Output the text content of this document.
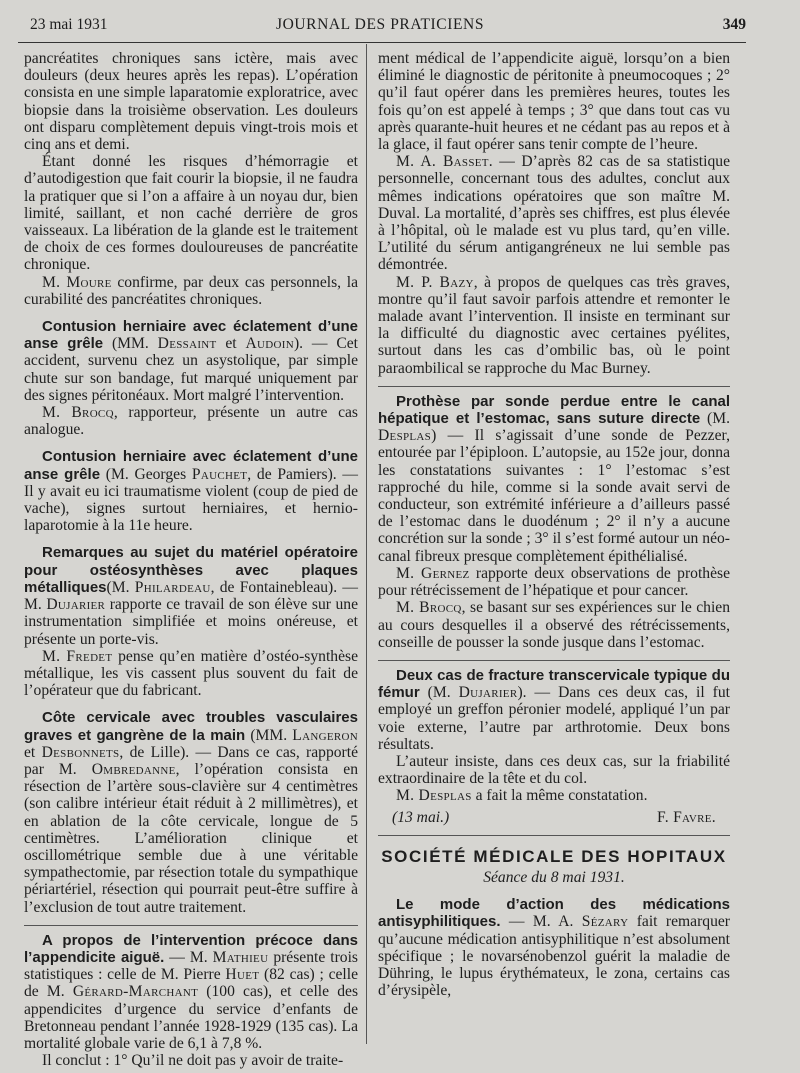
23 mai 1931	JOURNAL DES PRATICIENS	349

pancréatites chroniques sans ictère, mais avec douleurs (deux heures après les repas). L’opération consista en une simple laparatomie exploratrice, avec biopsie dans la troisième observation. Les douleurs ont disparu complètement depuis vingt-trois mois et cinq ans et demi.

Étant donné les risques d’hémorragie et d’autodigestion que fait courir la biopsie, il ne faudra la pratiquer que si l’on a affaire à un noyau dur, bien limité, saillant, et non caché derrière de gros vaisseaux. La libération de la glande est le traitement de choix de ces formes douloureuses de pancréatite chronique.

M. Moure confirme, par deux cas personnels, la curabilité des pancréatites chroniques.

Contusion herniaire avec éclatement d’une anse grêle (MM. Dessaint et Audoin). — Cet accident, survenu chez un asystolique, par simple chute sur son bandage, fut marqué uniquement par des signes péritonéaux. Mort malgré l’intervention.

M. Brocq, rapporteur, présente un autre cas analogue.

Contusion herniaire avec éclatement d’une anse grêle (M. Georges Pauchet, de Pamiers). — Il y avait eu ici traumatisme violent (coup de pied de vache), signes surtout herniaires, et hernio-laparotomie à la 11e heure.

Remarques au sujet du matériel opératoire pour ostéosynthèses avec plaques métalliques(M. Philardeau, de Fontainebleau). — M. Dujarier rapporte ce travail de son élève sur une instrumentation simplifiée et moins onéreuse, et présente un porte-vis.

M. Fredet pense qu’en matière d’ostéo-synthèse métallique, les vis cassent plus souvent du fait de l’opérateur que du fabricant.

Côte cervicale avec troubles vasculaires graves et gangrène de la main (MM. Langeron et Desbonnets, de Lille). — Dans ce cas, rapporté par M. Ombredanne, l’opération consista en résection de l’artère sous-clavière sur 4 centimètres (son calibre intérieur était réduit à 2 millimètres), et en ablation de la côte cervicale, longue de 5 centimètres. L’amélioration clinique et oscillométrique semble due à une véritable sympathectomie, par résection totale du sympathique périartériel, résection qui pourrait peut-être suffire à l’exclusion de tout autre traitement.

A propos de l’intervention précoce dans l’appendicite aiguë. — M. Mathieu présente trois statistiques : celle de M. Pierre Huet (82 cas) ; celle de M. Gérard-Marchant (100 cas), et celle des appendicites d’urgence du service d’enfants de Bretonneau pendant l’année 1928-1929 (135 cas). La mortalité globale varie de 6,1 à 7,8 %.

Il conclut : 1° Qu’il ne doit pas y avoir de traite-

ment médical de l’appendicite aiguë, lorsqu’on a bien éliminé le diagnostic de péritonite à pneumocoques ; 2° qu’il faut opérer dans les premières heures, toutes les fois qu’on est appelé à temps ; 3° que dans tout cas vu après quarante-huit heures et ne cédant pas au repos et à la glace, il faut opérer sans tenir compte de l’heure.

M. A. Basset. — D’après 82 cas de sa statistique personnelle, concernant tous des adultes, conclut aux mêmes indications opératoires que son maître M. Duval. La mortalité, d’après ses chiffres, est plus élevée à l’hôpital, où le malade est vu plus tard, qu’en ville. L’utilité du sérum antigangréneux ne lui semble pas démontrée.

M. P. Bazy, à propos de quelques cas très graves, montre qu’il faut savoir parfois attendre et remonter le malade avant l’intervention. Il insiste en terminant sur la difficulté du diagnostic avec certaines pyélites, surtout dans les cas d’ombilic bas, où le point paraombilical se rapproche du Mac Burney.

Prothèse par sonde perdue entre le canal hépatique et l’estomac, sans suture directe (M. Desplas) — Il s’agissait d’une sonde de Pezzer, entourée par l’épiploon. L’autopsie, au 152e jour, donna les constatations suivantes : 1° l’estomac s’est rapproché du hile, comme si la sonde avait servi de conducteur, son extrémité inférieure a d’ailleurs passé de l’estomac dans le duodénum ; 2° il n’y a aucune concrétion sur la sonde ; 3° il s’est formé autour un néo-canal fibreux presque complètement épithélialisé.

M. Gernez rapporte deux observations de prothèse pour rétrécissement de l’hépatique et pour cancer.

M. Brocq, se basant sur ses expériences sur le chien au cours desquelles il a observé des rétrécissements, conseille de pousser la sonde jusque dans l’estomac.

Deux cas de fracture transcervicale typique du fémur (M. Dujarier). — Dans ces deux cas, il fut employé un greffon péronier modelé, appliqué l’un par voie externe, l’autre par arthrotomie. Deux bons résultats.

L’auteur insiste, dans ces deux cas, sur la friabilité extraordinaire de la tête et du col.

M. Desplas a fait la même constatation.

(13 mai.)	F. Favre.
SOCIÉTÉ MÉDICALE DES HOPITAUX
Séance du 8 mai 1931.

Le mode d’action des médications antisyphilitiques. — M. A. Sézary fait remarquer qu’aucune médication antisyphilitique n’est absolument spécifique ; le novarsénobenzol guérit la maladie de Dühring, le lupus érythémateux, le zona, certains cas d’érysipèle,
